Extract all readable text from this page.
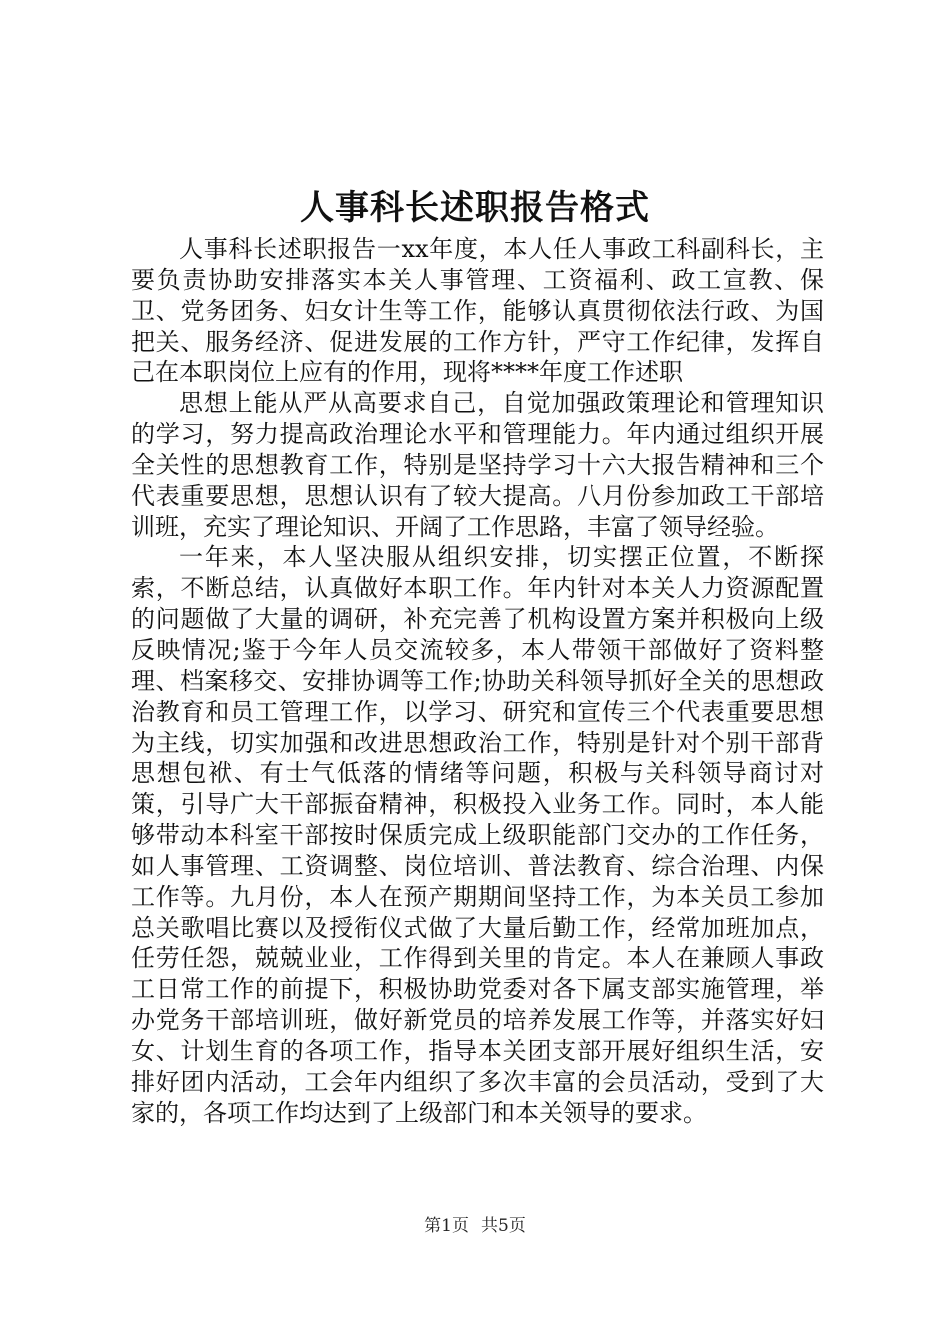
人事科长述职报告格式

人事科长述职报告一xx年度，本人任人事政工科副科长，主要负责协助安排落实本关人事管理、工资福利、政工宣教、保卫、党务团务、妇女计生等工作，能够认真贯彻依法行政、为国把关、服务经济、促进发展的工作方针，严守工作纪律，发挥自己在本职岗位上应有的作用，现将****年度工作述职

思想上能从严从高要求自己，自觉加强政策理论和管理知识的学习，努力提高政治理论水平和管理能力。年内通过组织开展全关性的思想教育工作，特别是坚持学习十六大报告精神和三个代表重要思想，思想认识有了较大提高。八月份参加政工干部培训班，充实了理论知识、开阔了工作思路，丰富了领导经验。

一年来，本人坚决服从组织安排，切实摆正位置，不断探索，不断总结，认真做好本职工作。年内针对本关人力资源配置的问题做了大量的调研，补充完善了机构设置方案并积极向上级反映情况;鉴于今年人员交流较多，本人带领干部做好了资料整理、档案移交、安排协调等工作;协助关科领导抓好全关的思想政治教育和员工管理工作，以学习、研究和宣传三个代表重要思想为主线，切实加强和改进思想政治工作，特别是针对个别干部背思想包袱、有士气低落的情绪等问题，积极与关科领导商讨对策，引导广大干部振奋精神，积极投入业务工作。同时，本人能够带动本科室干部按时保质完成上级职能部门交办的工作任务，如人事管理、工资调整、岗位培训、普法教育、综合治理、内保工作等。九月份，本人在预产期期间坚持工作，为本关员工参加总关歌唱比赛以及授衔仪式做了大量后勤工作，经常加班加点，任劳任怨，兢兢业业，工作得到关里的肯定。本人在兼顾人事政工日常工作的前提下，积极协助党委对各下属支部实施管理，举办党务干部培训班，做好新党员的培养发展工作等，并落实好妇女、计划生育的各项工作，指导本关团支部开展好组织生活，安排好团内活动，工会年内组织了多次丰富的会员活动，受到了大家的，各项工作均达到了上级部门和本关领导的要求。

第1页 共5页
